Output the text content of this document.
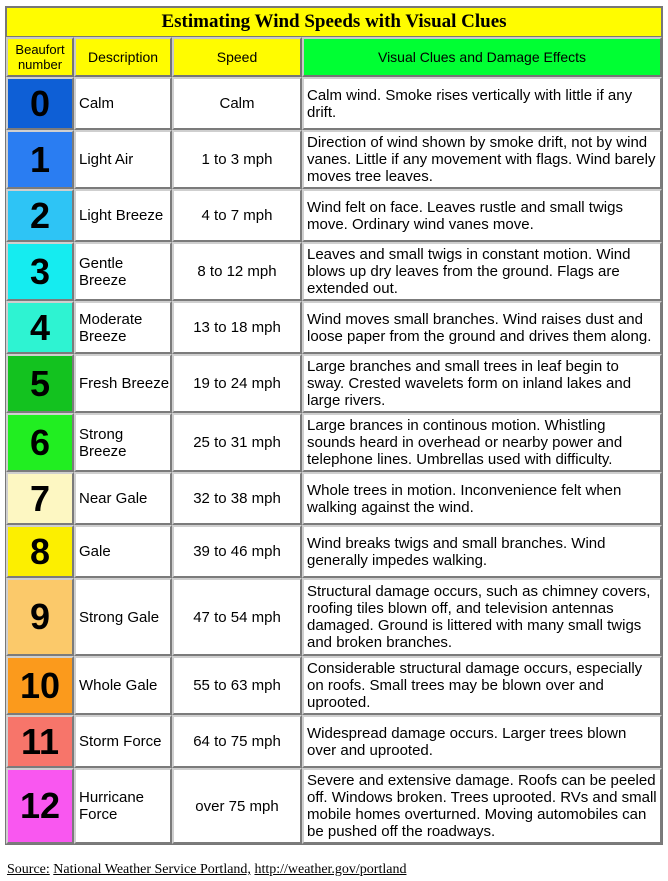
Estimating Wind Speeds with Visual Clues			
Beaufort number	Description	Speed	Visual Clues and Damage Effects

0	Calm	Calm	Calm wind. Smoke rises vertically with little if any drift.

1	Light Air	1 to 3 mph	Direction of wind shown by smoke drift, not by wind vanes. Little if any movement with flags. Wind barely moves tree leaves.

2	Light Breeze	4 to 7 mph	Wind felt on face. Leaves rustle and small twigs move. Ordinary wind vanes move.

3	Gentle Breeze	8 to 12 mph	Leaves and small twigs in constant motion. Wind blows up dry leaves from the ground. Flags are extended out.

4	Moderate Breeze	13 to 18 mph	Wind moves small branches. Wind raises dust and loose paper from the ground and drives them along.

5	Fresh Breeze	19 to 24 mph	Large branches and small trees in leaf begin to sway. Crested wavelets form on inland lakes and large rivers.

6	Strong Breeze	25 to 31 mph	Large brances in continous motion. Whistling sounds heard in overhead or nearby power and telephone lines. Umbrellas used with difficulty.

7	Near Gale	32 to 38 mph	Whole trees in motion. Inconvenience felt when walking against the wind.

8	Gale	39 to 46 mph	Wind breaks twigs and small branches. Wind generally impedes walking.

9	Strong Gale	47 to 54 mph	Structural damage occurs, such as chimney covers, roofing tiles blown off, and television antennas damaged. Ground is littered with many small twigs and broken branches.

10	Whole Gale	55 to 63 mph	Considerable structural damage occurs, especially on roofs. Small trees may be blown over and uprooted.

11	Storm Force	64 to 75 mph	Widespread damage occurs. Larger trees blown over and uprooted.

12	Hurricane Force	over 75 mph	Severe and extensive damage. Roofs can be peeled off. Windows broken. Trees uprooted. RVs and small mobile homes overturned. Moving automobiles can be pushed off the roadways.
Source: National Weather Service Portland, http://weather.gov/portland
